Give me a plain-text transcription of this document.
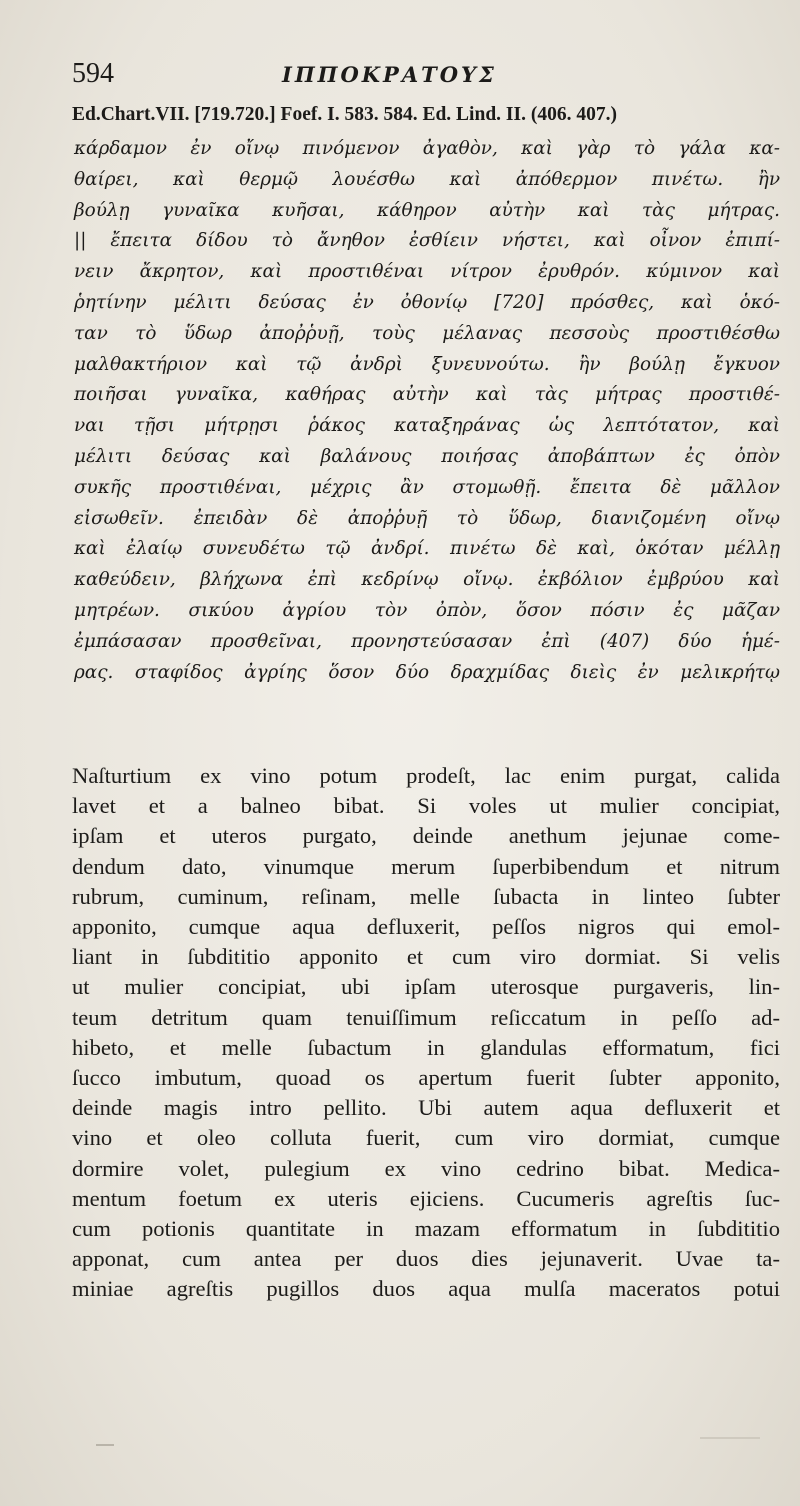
594	ΙΠΠΟΚΡΑΤΟΥΣ
Ed.Chart.VII. [719.720.] Foef. I. 583. 584. Ed. Lind. II. (406. 407.)
κάρδαμον ἐν οἴνῳ πινόμενον ἀγαθὸν, καὶ γὰρ τὸ γάλα κα-
θαίρει, καὶ θερμῷ λουέσθω καὶ ἀπόθερμον πινέτω. ἢν
βούλῃ γυναῖκα κυῆσαι, κάθηρον αὐτὴν καὶ τὰς μήτρας.
|| ἔπειτα δίδου τὸ ἄνηθον ἐσθίειν νήστει, καὶ οἶνον ἐπιπί-
νειν ἄκρητον, καὶ προστιθέναι νίτρον ἐρυθρόν. κύμινον καὶ
ῥητίνην μέλιτι δεύσας ἐν ὀθονίῳ [720] πρόσθες, καὶ ὁκό-
ταν τὸ ὕδωρ ἀποῤῥυῇ, τοὺς μέλανας πεσσοὺς προστιθέσθω
μαλθακτήριον καὶ τῷ ἀνδρὶ ξυνευνούτω. ἢν βούλῃ ἔγκυον
ποιῆσαι γυναῖκα, καθήρας αὐτὴν καὶ τὰς μήτρας προστιθέ-
ναι τῇσι μήτρῃσι ῥάκος καταξηράνας ὡς λεπτότατον, καὶ
μέλιτι δεύσας καὶ βαλάνους ποιήσας ἀποβάπτων ἐς ὀπὸν
συκῆς προστιθέναι, μέχρις ἂν στομωθῇ. ἔπειτα δὲ μᾶλλον
εἰσωθεῖν. ἐπειδὰν δὲ ἀποῤῥυῇ τὸ ὕδωρ, διανιζομένη οἴνῳ
καὶ ἐλαίῳ συνευδέτω τῷ ἀνδρί. πινέτω δὲ καὶ, ὁκόταν μέλλῃ
καθεύδειν, βλήχωνα ἐπὶ κεδρίνῳ οἴνῳ. ἐκβόλιον ἐμβρύου καὶ
μητρέων. σικύου ἀγρίου τὸν ὀπὸν, ὅσον πόσιν ἐς μᾶζαν
ἐμπάσασαν προσθεῖναι, προνηστεύσασαν ἐπὶ (407) δύο ἡμέ-
ρας. σταφίδος ἀγρίης ὅσον δύο δραχμίδας διεὶς ἐν μελικρήτῳ
Naſturtium ex vino potum prodeſt, lac enim purgat, calida
lavet et a balneo bibat. Si voles ut mulier concipiat,
ipſam et uteros purgato, deinde anethum jejunae come-
dendum dato, vinumque merum ſuperbibendum et nitrum
rubrum, cuminum, reſinam, melle ſubacta in linteo ſubter
apponito, cumque aqua defluxerit, peſſos nigros qui emol-
liant in ſubdititio apponito et cum viro dormiat. Si velis
ut mulier concipiat, ubi ipſam uterosque purgaveris, lin-
teum detritum quam tenuiſſimum reſiccatum in peſſo ad-
hibeto, et melle ſubactum in glandulas efformatum, fici
ſucco imbutum, quoad os apertum fuerit ſubter apponito,
deinde magis intro pellito. Ubi autem aqua defluxerit et
vino et oleo colluta fuerit, cum viro dormiat, cumque
dormire volet, pulegium ex vino cedrino bibat. Medica-
mentum foetum ex uteris ejiciens. Cucumeris agreſtis ſuc-
cum potionis quantitate in mazam efformatum in ſubdititio
apponat, cum antea per duos dies jejunaverit. Uvae ta-
miniae agreſtis pugillos duos aqua mulſa maceratos potui
